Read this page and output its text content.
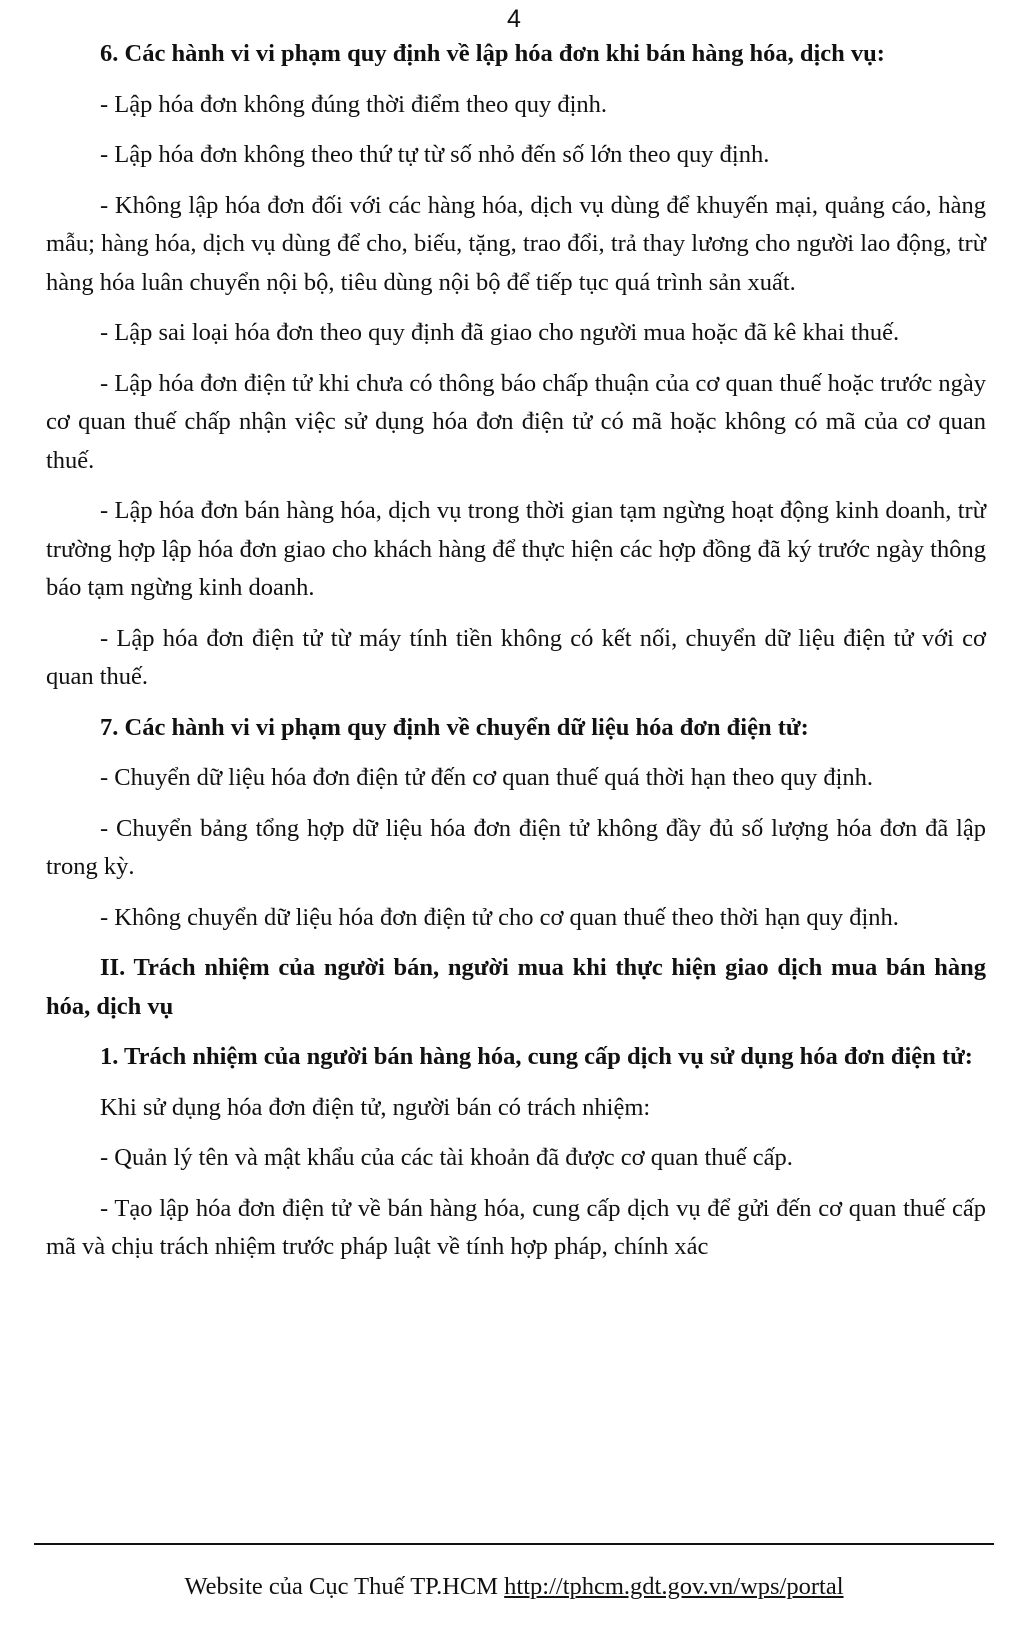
4

6. Các hành vi vi phạm quy định về lập hóa đơn khi bán hàng hóa, dịch vụ:

- Lập hóa đơn không đúng thời điểm theo quy định.

- Lập hóa đơn không theo thứ tự từ số nhỏ đến số lớn theo quy định.

- Không lập hóa đơn đối với các hàng hóa, dịch vụ dùng để khuyến mại, quảng cáo, hàng mẫu; hàng hóa, dịch vụ dùng để cho, biếu, tặng, trao đổi, trả thay lương cho người lao động, trừ hàng hóa luân chuyển nội bộ, tiêu dùng nội bộ để tiếp tục quá trình sản xuất.

- Lập sai loại hóa đơn theo quy định đã giao cho người mua hoặc đã kê khai thuế.

- Lập hóa đơn điện tử khi chưa có thông báo chấp thuận của cơ quan thuế hoặc trước ngày cơ quan thuế chấp nhận việc sử dụng hóa đơn điện tử có mã hoặc không có mã của cơ quan thuế.

- Lập hóa đơn bán hàng hóa, dịch vụ trong thời gian tạm ngừng hoạt động kinh doanh, trừ trường hợp lập hóa đơn giao cho khách hàng để thực hiện các hợp đồng đã ký trước ngày thông báo tạm ngừng kinh doanh.

- Lập hóa đơn điện tử từ máy tính tiền không có kết nối, chuyển dữ liệu điện tử với cơ quan thuế.

7. Các hành vi vi phạm quy định về chuyển dữ liệu hóa đơn điện tử:

- Chuyển dữ liệu hóa đơn điện tử đến cơ quan thuế quá thời hạn theo quy định.

- Chuyển bảng tổng hợp dữ liệu hóa đơn điện tử không đầy đủ số lượng hóa đơn đã lập trong kỳ.

- Không chuyển dữ liệu hóa đơn điện tử cho cơ quan thuế theo thời hạn quy định.

II. Trách nhiệm của người bán, người mua khi thực hiện giao dịch mua bán hàng hóa, dịch vụ

1. Trách nhiệm của người bán hàng hóa, cung cấp dịch vụ sử dụng hóa đơn điện tử:

Khi sử dụng hóa đơn điện tử, người bán có trách nhiệm:

- Quản lý tên và mật khẩu của các tài khoản đã được cơ quan thuế cấp.

- Tạo lập hóa đơn điện tử về bán hàng hóa, cung cấp dịch vụ để gửi đến cơ quan thuế cấp mã và chịu trách nhiệm trước pháp luật về tính hợp pháp, chính xác

Website của Cục Thuế TP.HCM http://tphcm.gdt.gov.vn/wps/portal
